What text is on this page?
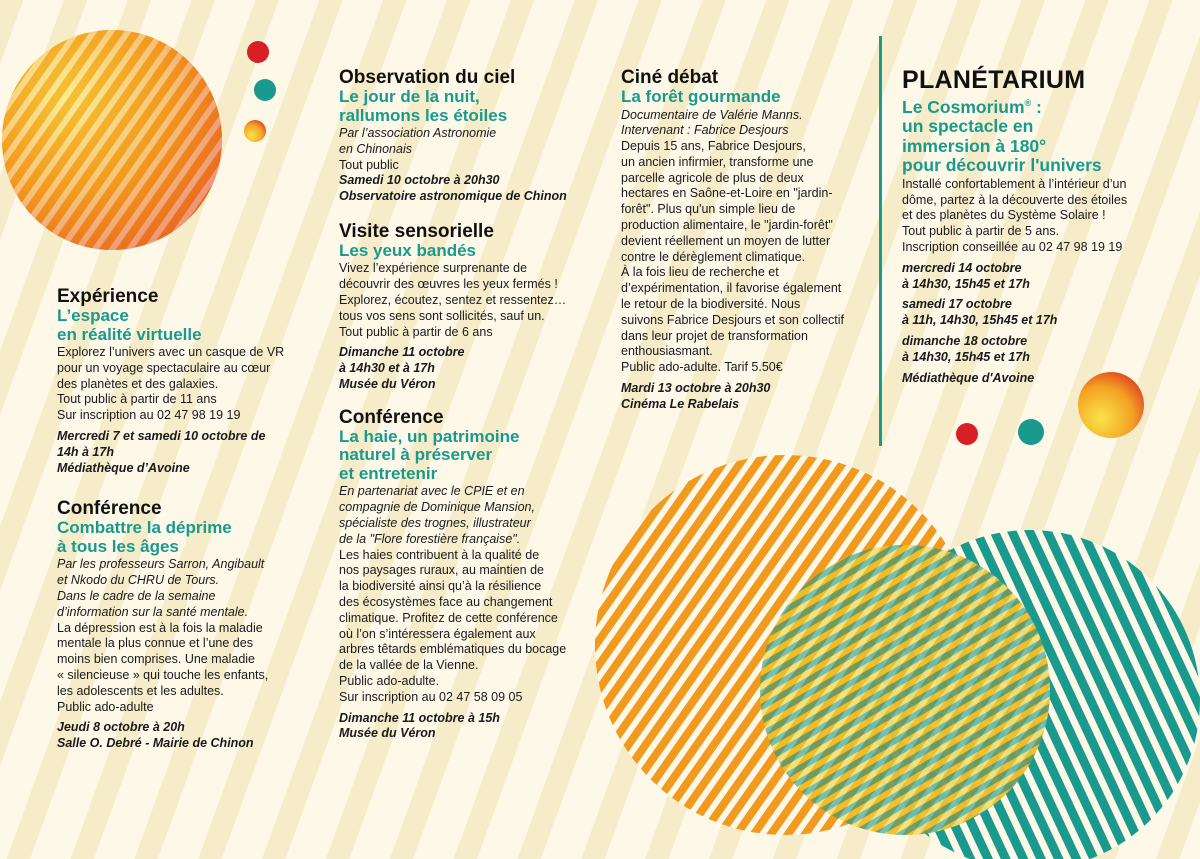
Expérience
L’espace
en réalité virtuelle
Explorez l’univers avec un casque de VR
pour un voyage spectaculaire au cœur
des planètes et des galaxies.
Tout public à partir de 11 ans
Sur inscription au 02 47 98 19 19
Mercredi 7 et samedi 10 octobre de
14h à 17h
Médiathèque d’Avoine
Conférence
Combattre la déprime
à tous les âges
Par les professeurs Sarron, Angibault
et Nkodo du CHRU de Tours.
Dans le cadre de la semaine
d’information sur la santé mentale.
La dépression est à la fois la maladie
mentale la plus connue et l’une des
moins bien comprises. Une maladie
« silencieuse » qui touche les enfants,
les adolescents et les adultes.
Public ado-adulte
Jeudi 8 octobre à 20h
Salle O. Debré - Mairie de Chinon
Observation du ciel
Le jour de la nuit,
rallumons les étoiles
Par l’association Astronomie
en Chinonais
Tout public
Samedi 10 octobre à 20h30
Observatoire astronomique de Chinon
Visite sensorielle
Les yeux bandés
Vivez l’expérience surprenante de
découvrir des œuvres les yeux fermés !
Explorez, écoutez, sentez et ressentez…
tous vos sens sont sollicités, sauf un.
Tout public à partir de 6 ans
Dimanche 11 octobre
à 14h30 et à 17h
Musée du Véron
Conférence
La haie, un patrimoine
naturel à préserver
et entretenir
En partenariat avec le CPIE et en
compagnie de Dominique Mansion,
spécialiste des trognes, illustrateur
de la "Flore forestière française".
Les haies contribuent à la qualité de
nos paysages ruraux, au maintien de
la biodiversité ainsi qu’à la résilience
des écosystèmes face au changement
climatique. Profitez de cette conférence
où l’on s’intéressera également aux
arbres têtards emblématiques du bocage
de la vallée de la Vienne.
Public ado-adulte.
Sur inscription au 02 47 58 09 05
Dimanche 11 octobre à 15h
Musée du Véron
Ciné débat
La forêt gourmande
Documentaire de Valérie Manns.
Intervenant : Fabrice Desjours
Depuis 15 ans, Fabrice Desjours,
un ancien infirmier, transforme une
parcelle agricole de plus de deux
hectares en Saône-et-Loire en "jardin-
forêt". Plus qu'un simple lieu de
production alimentaire, le "jardin-forêt"
devient réellement un moyen de lutter
contre le dérèglement climatique.
À la fois lieu de recherche et
d’expérimentation, il favorise également
le retour de la biodiversité. Nous
suivons Fabrice Desjours et son collectif
dans leur projet de transformation
enthousiasmant.
Public ado-adulte. Tarif 5.50€
Mardi 13 octobre à 20h30
Cinéma Le Rabelais
PLANÉTARIUM
Le Cosmorium® :
un spectacle en
immersion à 180°
pour découvrir l'univers
Installé confortablement à l’intérieur d’un
dôme, partez à la découverte des étoiles
et des planètes du Système Solaire !
Tout public à partir de 5 ans.
Inscription conseillée au 02 47 98 19 19
mercredi 14 octobre
à 14h30, 15h45 et 17h
samedi 17 octobre
à 11h, 14h30, 15h45 et 17h
dimanche 18 octobre
à 14h30, 15h45 et 17h
Médiathèque d'Avoine
